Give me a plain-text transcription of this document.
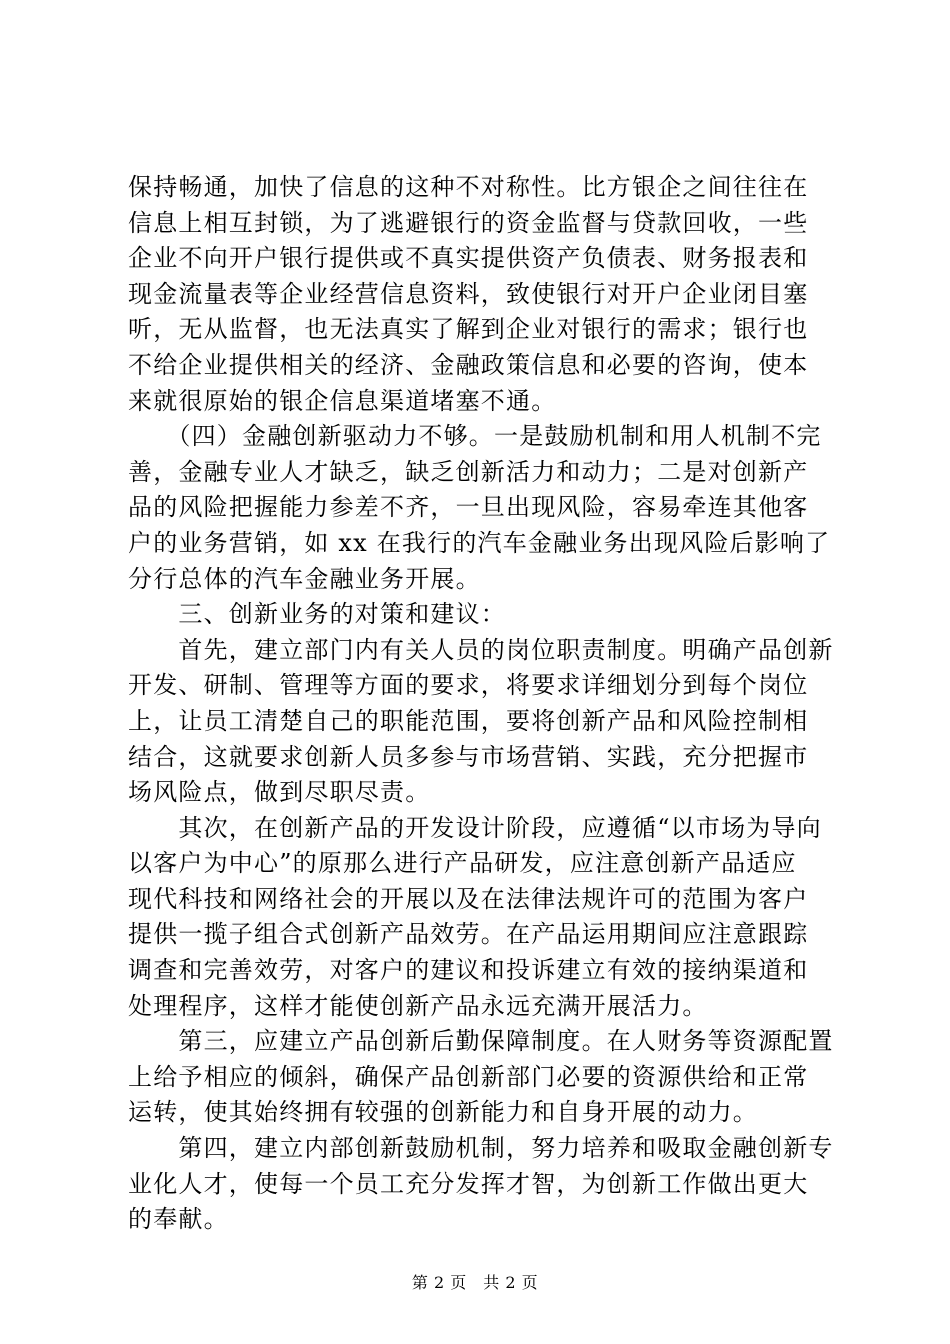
保持畅通，加快了信息的这种不对称性。比方银企之间往往在
信息上相互封锁，为了逃避银行的资金监督与贷款回收，一些
企业不向开户银行提供或不真实提供资产负债表、财务报表和
现金流量表等企业经营信息资料，致使银行对开户企业闭目塞
听，无从监督，也无法真实了解到企业对银行的需求；银行也
不给企业提供相关的经济、金融政策信息和必要的咨询，使本
来就很原始的银企信息渠道堵塞不通。
　　（四）金融创新驱动力不够。一是鼓励机制和用人机制不完
善，金融专业人才缺乏，缺乏创新活力和动力；二是对创新产
品的风险把握能力参差不齐，一旦出现风险，容易牵连其他客
户的业务营销，如 xx 在我行的汽车金融业务出现风险后影响了
分行总体的汽车金融业务开展。
　　三、创新业务的对策和建议：
　　首先，建立部门内有关人员的岗位职责制度。明确产品创新
开发、研制、管理等方面的要求，将要求详细划分到每个岗位
上，让员工清楚自己的职能范围，要将创新产品和风险控制相
结合，这就要求创新人员多参与市场营销、实践，充分把握市
场风险点，做到尽职尽责。
　　其次，在创新产品的开发设计阶段，应遵循“以市场为导向
以客户为中心”的原那么进行产品研发，应注意创新产品适应
现代科技和网络社会的开展以及在法律法规许可的范围为客户
提供一揽子组合式创新产品效劳。在产品运用期间应注意跟踪
调查和完善效劳，对客户的建议和投诉建立有效的接纳渠道和
处理程序，这样才能使创新产品永远充满开展活力。
　　第三，应建立产品创新后勤保障制度。在人财务等资源配置
上给予相应的倾斜，确保产品创新部门必要的资源供给和正常
运转，使其始终拥有较强的创新能力和自身开展的动力。
　　第四，建立内部创新鼓励机制，努力培养和吸取金融创新专
业化人才，使每一个员工充分发挥才智，为创新工作做出更大
的奉献。
第 2 页　共 2 页
